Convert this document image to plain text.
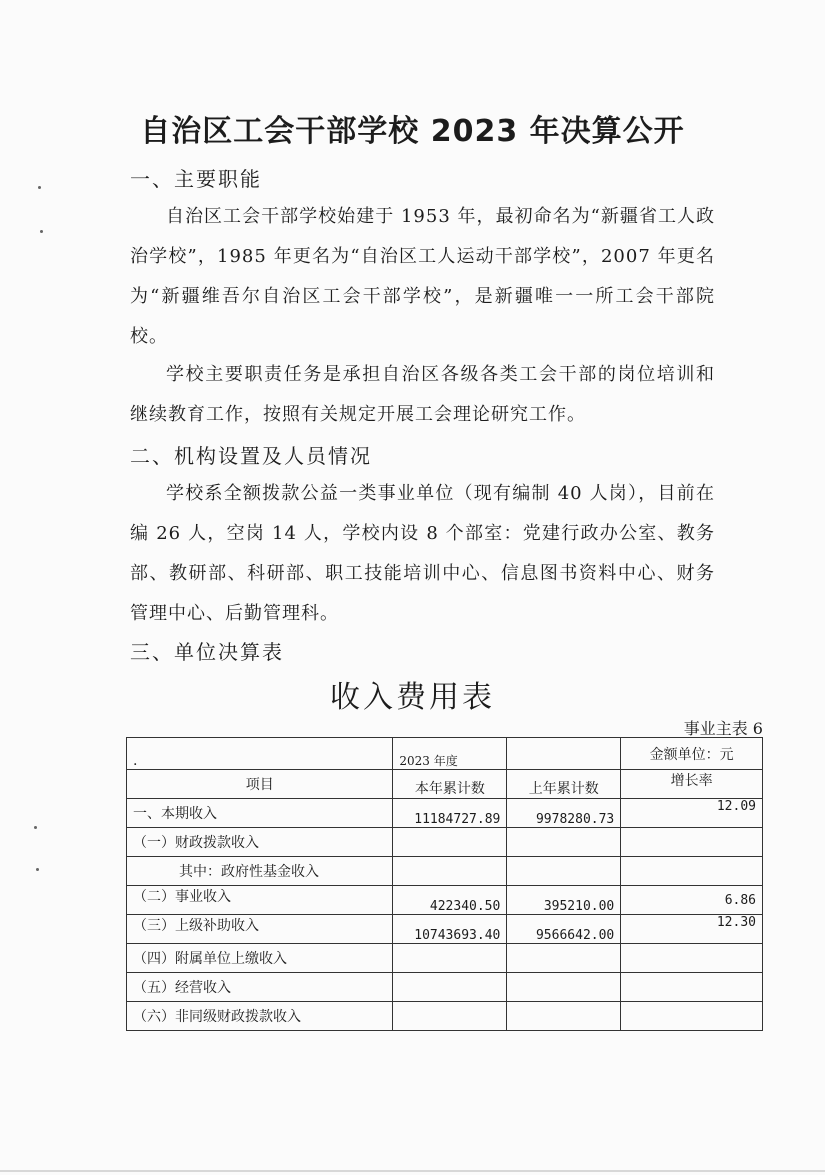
自治区工会干部学校 2023 年决算公开
一、主要职能
自治区工会干部学校始建于 1953 年，最初命名为“新疆省工人政治学校”，1985 年更名为“自治区工人运动干部学校”，2007 年更名为“新疆维吾尔自治区工会干部学校”，是新疆唯一一所工会干部院校。
学校主要职责任务是承担自治区各级各类工会干部的岗位培训和继续教育工作，按照有关规定开展工会理论研究工作。
二、机构设置及人员情况
学校系全额拨款公益一类事业单位（现有编制 40 人岗），目前在编 26 人，空岗 14 人，学校内设 8 个部室：党建行政办公室、教务部、教研部、科研部、职工技能培训中心、信息图书资料中心、财务管理中心、后勤管理科。
三、单位决算表
收入费用表
事业主表 6
.	2023 年度		金额单位：元
项目	本年累计数	上年累计数	增长率
一、本期收入	11184727.89	9978280.73	12.09
（一）财政拨款收入			
其中：政府性基金收入			
（二）事业收入	422340.50	395210.00	6.86
（三）上级补助收入	10743693.40	9566642.00	12.30
（四）附属单位上缴收入			
（五）经营收入			
（六）非同级财政拨款收入			
